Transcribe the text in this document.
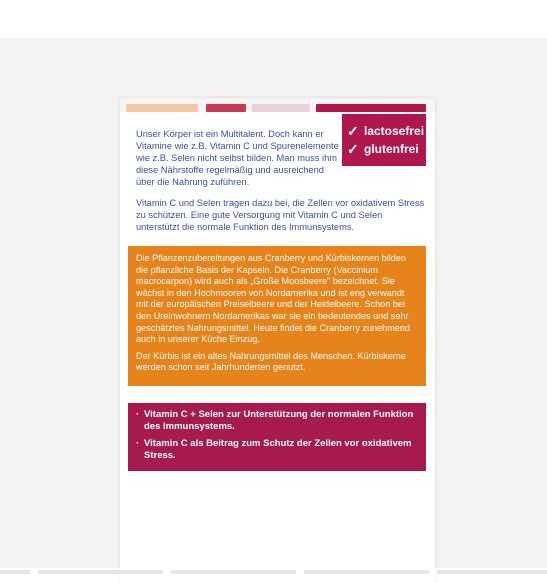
Unser Körper ist ein Multitalent. Doch kann er Vitamine wie z.B. Vitamin C und Spurenelemente wie z.B. Selen nicht selbst bilden. Man muss ihm diese Nährstoffe regelmäßig und ausreichend über die Nahrung zuführen.

Vitamin C und Selen tragen dazu bei, die Zellen vor oxidativem Stress zu schützen. Eine gute Versorgung mit Vitamin C und Selen unterstützt die normale Funktion des Immunsystems.

✓ lactosefrei
✓ glutenfrei

Die Pflanzenzubereitungen aus Cranberry und Kürbiskernen bilden die pflanzliche Basis der Kapseln. Die Cranberry (Vaccinium macrocarpon) wird auch als „Große Moosbeere" bezeichnet. Sie wächst in den Hochmooren von Nordamerika und ist eng verwandt mit der europäischen Preiselbeere und der Heidelbeere. Schon bei den Ureinwohnern Nordamerikas war sie ein bedeutendes und sehr geschätztes Nahrungsmittel. Heute findet die Cranberry zunehmend auch in unserer Küche Einzug.

Der Kürbis ist ein altes Nahrungsmittel des Menschen. Kürbiskerne werden schon seit Jahrhunderten genutzt.

· Vitamin C + Selen zur Unterstützung der normalen Funktion des Immunsystems.
· Vitamin C als Beitrag zum Schutz der Zellen vor oxidativem Stress.
